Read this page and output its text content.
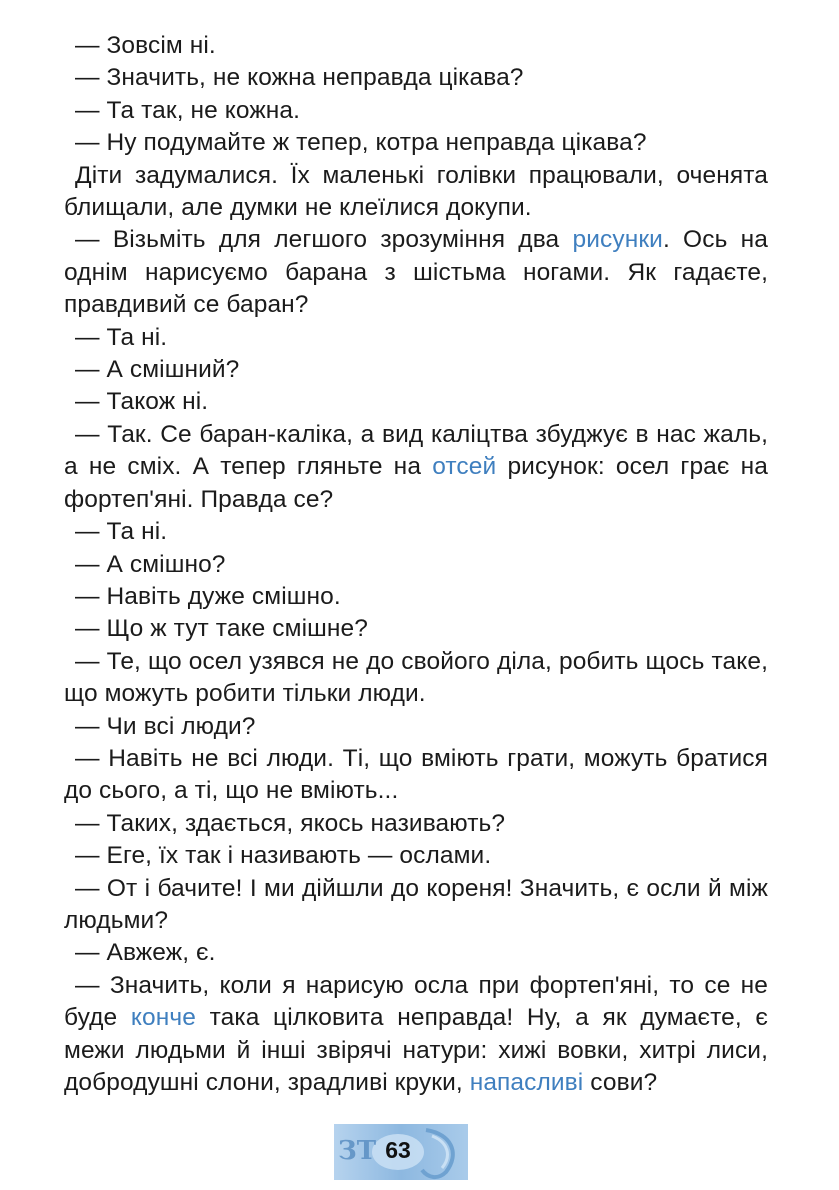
— Зовсім ні.

— Значить, не кожна неправда цікава?

— Та так, не кожна.

— Ну подумайте ж тепер, котра неправда цікава?

Діти задумалися. Їх маленькі голівки працювали, оченята блищали, але думки не клеїлися докупи.

— Візьміть для легшого зрозуміння два рисунки. Ось на однім нарисуємо барана з шістьма ногами. Як гадаєте, правдивий се баран?

— Та ні.

— А смішний?

— Також ні.

— Так. Се баран-каліка, а вид каліцтва збуджує в нас жаль, а не сміх. А тепер гляньте на отсей рисунок: осел грає на фортеп'яні. Правда се?

— Та ні.

— А смішно?

— Навіть дуже смішно.

— Що ж тут таке смішне?

— Те, що осел узявся не до свойого діла, робить щось таке, що можуть робити тільки люди.

— Чи всі люди?

— Навіть не всі люди. Ті, що вміють грати, можуть братися до сього, а ті, що не вміють...

— Таких, здається, якось називають?

— Еге, їх так і називають — ослами.

— От і бачите! І ми дійшли до кореня! Значить, є осли й між людьми?

— Авжеж, є.

— Значить, коли я нарисую осла при фортеп'яні, то се не буде конче така цілковита неправда! Ну, а як думаєте, є межи людьми й інші звірячі натури: хижі вовки, хитрі лиси, добродушні слони, зрадливі круки, напасливі сови?

ЗТ 63
